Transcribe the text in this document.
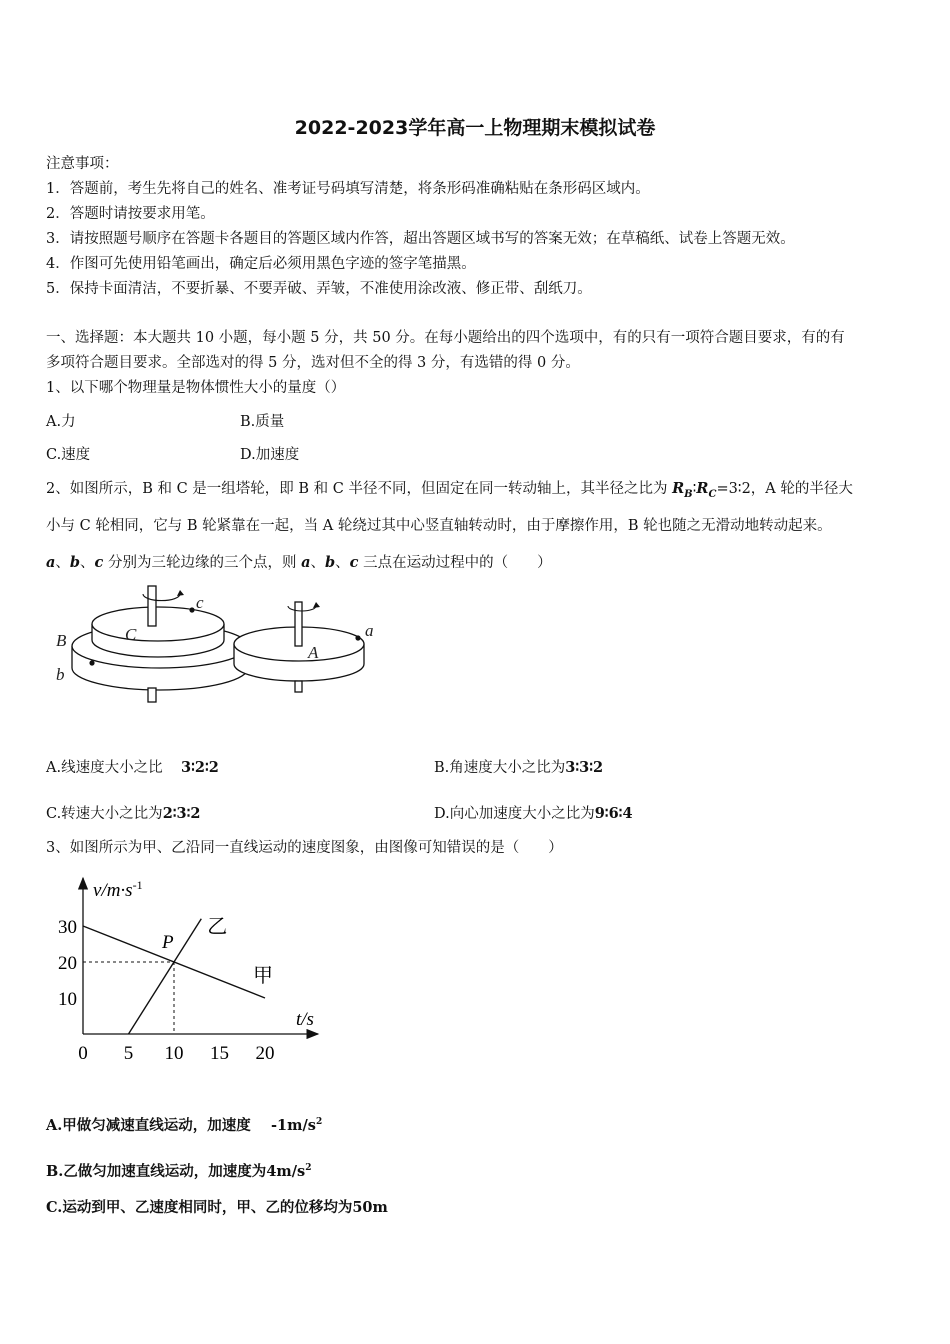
2022-2023学年高一上物理期末模拟试卷
注意事项：
1．答题前，考生先将自己的姓名、准考证号码填写清楚，将条形码准确粘贴在条形码区域内。
2．答题时请按要求用笔。
3．请按照题号顺序在答题卡各题目的答题区域内作答，超出答题区域书写的答案无效；在草稿纸、试卷上答题无效。
4．作图可先使用铅笔画出，确定后必须用黑色字迹的签字笔描黑。
5．保持卡面清洁，不要折暴、不要弄破、弄皱，不准使用涂改液、修正带、刮纸刀。
一、选择题：本大题共 10 小题，每小题 5 分，共 50 分。在每小题给出的四个选项中，有的只有一项符合题目要求，有的有
多项符合题目要求。全部选对的得 5 分，选对但不全的得 3 分，有选错的得 0 分。
1、以下哪个物理量是物体惯性大小的量度（）
A.力	B.质量
C.速度	D.加速度
2、如图所示，B 和 C 是一组塔轮，即 B 和 C 半径不同，但固定在同一转动轴上，其半径之比为 $R_B∶R_C=3∶2$，A 轮的半径大
小与 C 轮相同，它与 B 轮紧靠在一起，当 A 轮绕过其中心竖直轴转动时，由于摩擦作用，B 轮也随之无滑动地转动起来。
a、b、c 分别为三轮边缘的三个点，则 a、b、c 三点在运动过程中的（　　）
c
C
B
b
A
a
A.线速度大小之比 3∶2∶2	B.角速度大小之比为3∶3∶2
C.转速大小之比为2∶3∶2	D.向心加速度大小之比为9∶6∶4
3、如图所示为甲、乙沿同一直线运动的速度图象，由图像可知错误的是（　　）
$v/m\cdot s^{-1}$
t/s
0 5 10 15 20
10
20
30
甲
乙
P
A.甲做匀减速直线运动，加速度 $-1m/s^2$
B.乙做匀加速直线运动，加速度为$4m/s^2$
C.运动到甲、乙速度相同时，甲、乙的位移均为50m
